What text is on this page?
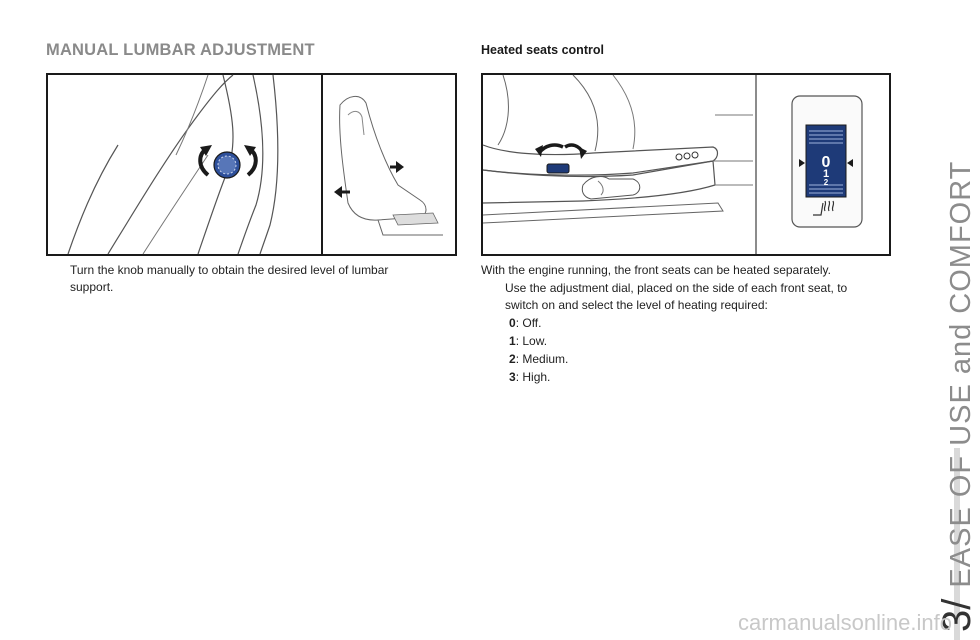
MANUAL LUMBAR ADJUSTMENT	Heated seats control
0
1
2
Turn the knob manually to obtain the desired level of lumbar
support.
With the engine running, the front seats can be heated separately.
Use the adjustment dial, placed on the side of each front seat, to
switch on and select the level of heating required:
0: Off.
1: Low.
2: Medium.
3: High.
3/ EASE OF USE and COMFORT
carmanualsonline.info
